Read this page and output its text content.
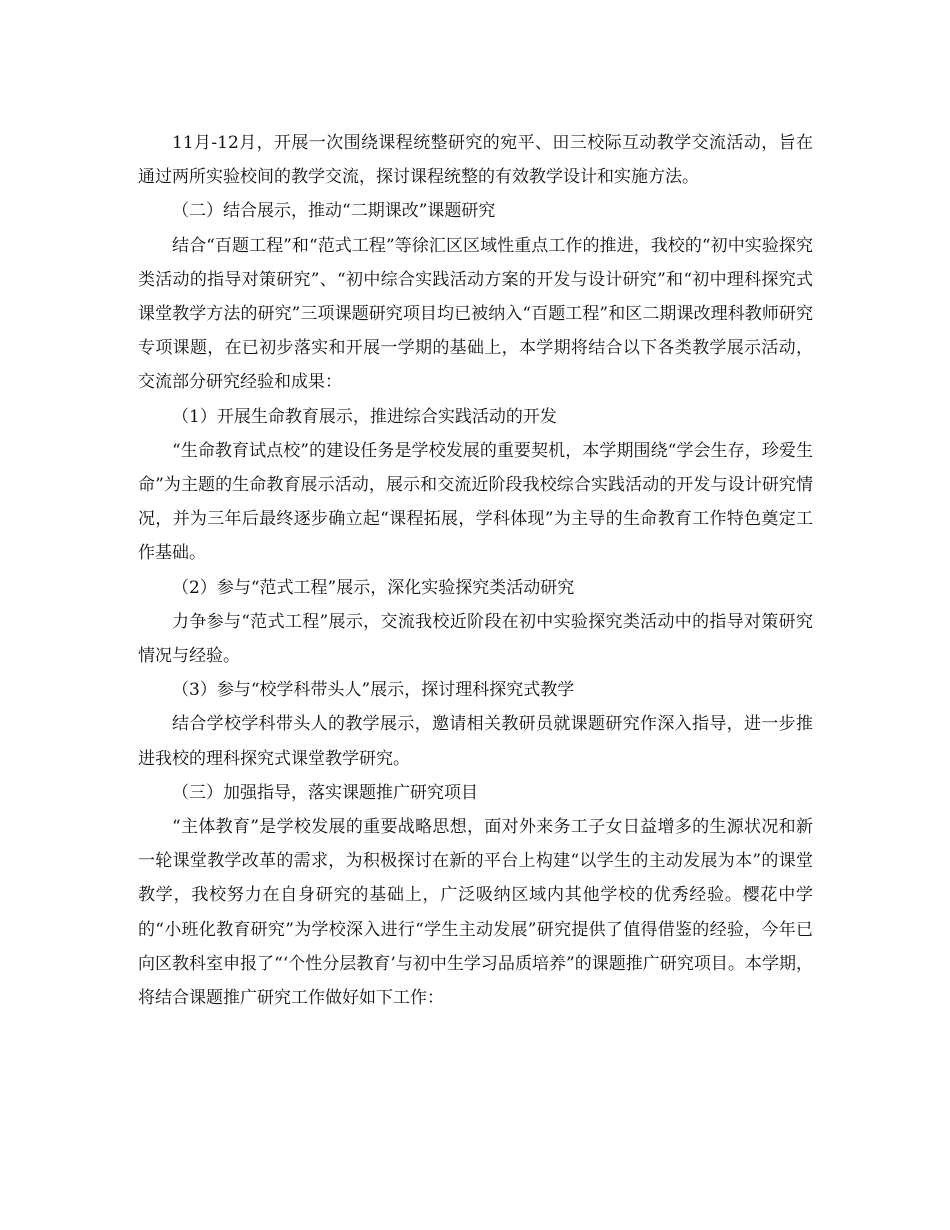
11月-12月，开展一次围绕课程统整研究的宛平、田三校际互动教学交流活动，旨在通过两所实验校间的教学交流，探讨课程统整的有效教学设计和实施方法。

（二）结合展示，推动“二期课改”课题研究

结合“百题工程”和“范式工程”等徐汇区区域性重点工作的推进，我校的“初中实验探究类活动的指导对策研究”、“初中综合实践活动方案的开发与设计研究”和“初中理科探究式课堂教学方法的研究”三项课题研究项目均已被纳入“百题工程”和区二期课改理科教师研究专项课题，在已初步落实和开展一学期的基础上，本学期将结合以下各类教学展示活动，交流部分研究经验和成果：

（1）开展生命教育展示，推进综合实践活动的开发

“生命教育试点校”的建设任务是学校发展的重要契机，本学期围绕“学会生存，珍爱生命”为主题的生命教育展示活动，展示和交流近阶段我校综合实践活动的开发与设计研究情况，并为三年后最终逐步确立起“课程拓展，学科体现”为主导的生命教育工作特色奠定工作基础。

（2）参与“范式工程”展示，深化实验探究类活动研究

力争参与“范式工程”展示，交流我校近阶段在初中实验探究类活动中的指导对策研究情况与经验。

（3）参与“校学科带头人”展示，探讨理科探究式教学

结合学校学科带头人的教学展示，邀请相关教研员就课题研究作深入指导，进一步推进我校的理科探究式课堂教学研究。

（三）加强指导，落实课题推广研究项目

“主体教育”是学校发展的重要战略思想，面对外来务工子女日益增多的生源状况和新一轮课堂教学改革的需求，为积极探讨在新的平台上构建“以学生的主动发展为本”的课堂教学，我校努力在自身研究的基础上，广泛吸纳区域内其他学校的优秀经验。樱花中学的“小班化教育研究”为学校深入进行“学生主动发展”研究提供了值得借鉴的经验，今年已向区教科室申报了“‘个性分层教育’与初中生学习品质培养”的课题推广研究项目。本学期，将结合课题推广研究工作做好如下工作：
